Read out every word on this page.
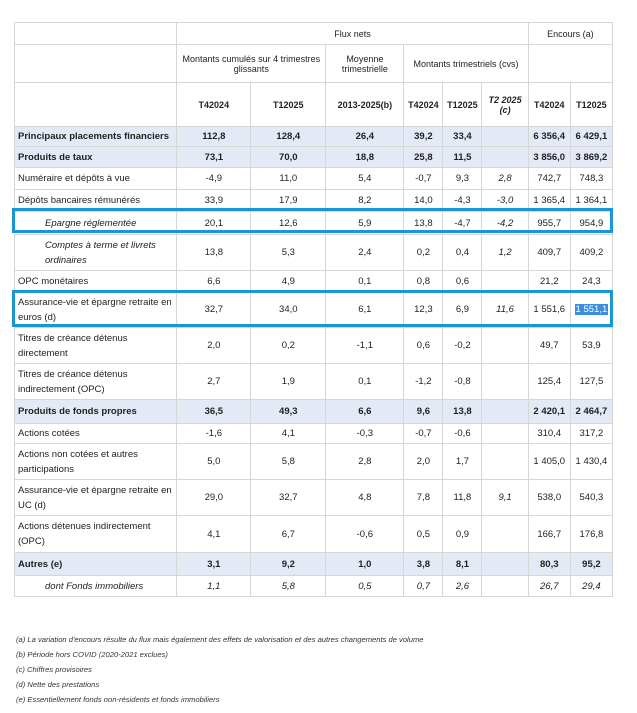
	Flux nets						Encours (a)	
	Montants cumulés sur 4 trimestres glissants		Moyenne trimestrielle	Montants trimestriels (cvs)				
	T42024	T12025	2013-2025(b)	T42024	T12025	T2 2025 (c)	T42024	T12025
Principaux placements financiers	112,8	128,4	26,4	39,2	33,4		6 356,4	6 429,1
Produits de taux	73,1	70,0	18,8	25,8	11,5		3 856,0	3 869,2
Numéraire et dépôts à vue	-4,9	11,0	5,4	-0,7	9,3	2,8	742,7	748,3
Dépôts bancaires rémunérés	33,9	17,9	8,2	14,0	-4,3	-3,0	1 365,4	1 364,1
Epargne réglementée	20,1	12,6	5,9	13,8	-4,7	-4,2	955,7	954,9
Comptes à terme et livrets ordinaires	13,8	5,3	2,4	0,2	0,4	1,2	409,7	409,2
OPC monétaires	6,6	4,9	0,1	0,8	0,6		21,2	24,3
Assurance-vie et épargne retraite en euros (d)	32,7	34,0	6,1	12,3	6,9	11,6	1 551,6	1 551,1
Titres de créance détenus directement	2,0	0,2	-1,1	0,6	-0,2		49,7	53,9
Titres de créance détenus indirectement (OPC)	2,7	1,9	0,1	-1,2	-0,8		125,4	127,5
Produits de fonds propres	36,5	49,3	6,6	9,6	13,8		2 420,1	2 464,7
Actions cotées	-1,6	4,1	-0,3	-0,7	-0,6		310,4	317,2
Actions non cotées et autres participations	5,0	5,8	2,8	2,0	1,7		1 405,0	1 430,4
Assurance-vie et épargne retraite en UC (d)	29,0	32,7	4,8	7,8	11,8	9,1	538,0	540,3
Actions détenues indirectement (OPC)	4,1	6,7	-0,6	0,5	0,9		166,7	176,8
Autres (e)	3,1	9,2	1,0	3,8	8,1		80,3	95,2
dont Fonds immobiliers	1,1	5,8	0,5	0,7	2,6		26,7	29,4
(a) La variation d'encours résulte du flux mais également des effets de valorisation et des autres changements de volume
(b) Période hors COVID (2020-2021 exclues)
(c) Chiffres provisoires
(d) Nette des prestations
(e) Essentiellement fonds non-résidents et fonds immobiliers
